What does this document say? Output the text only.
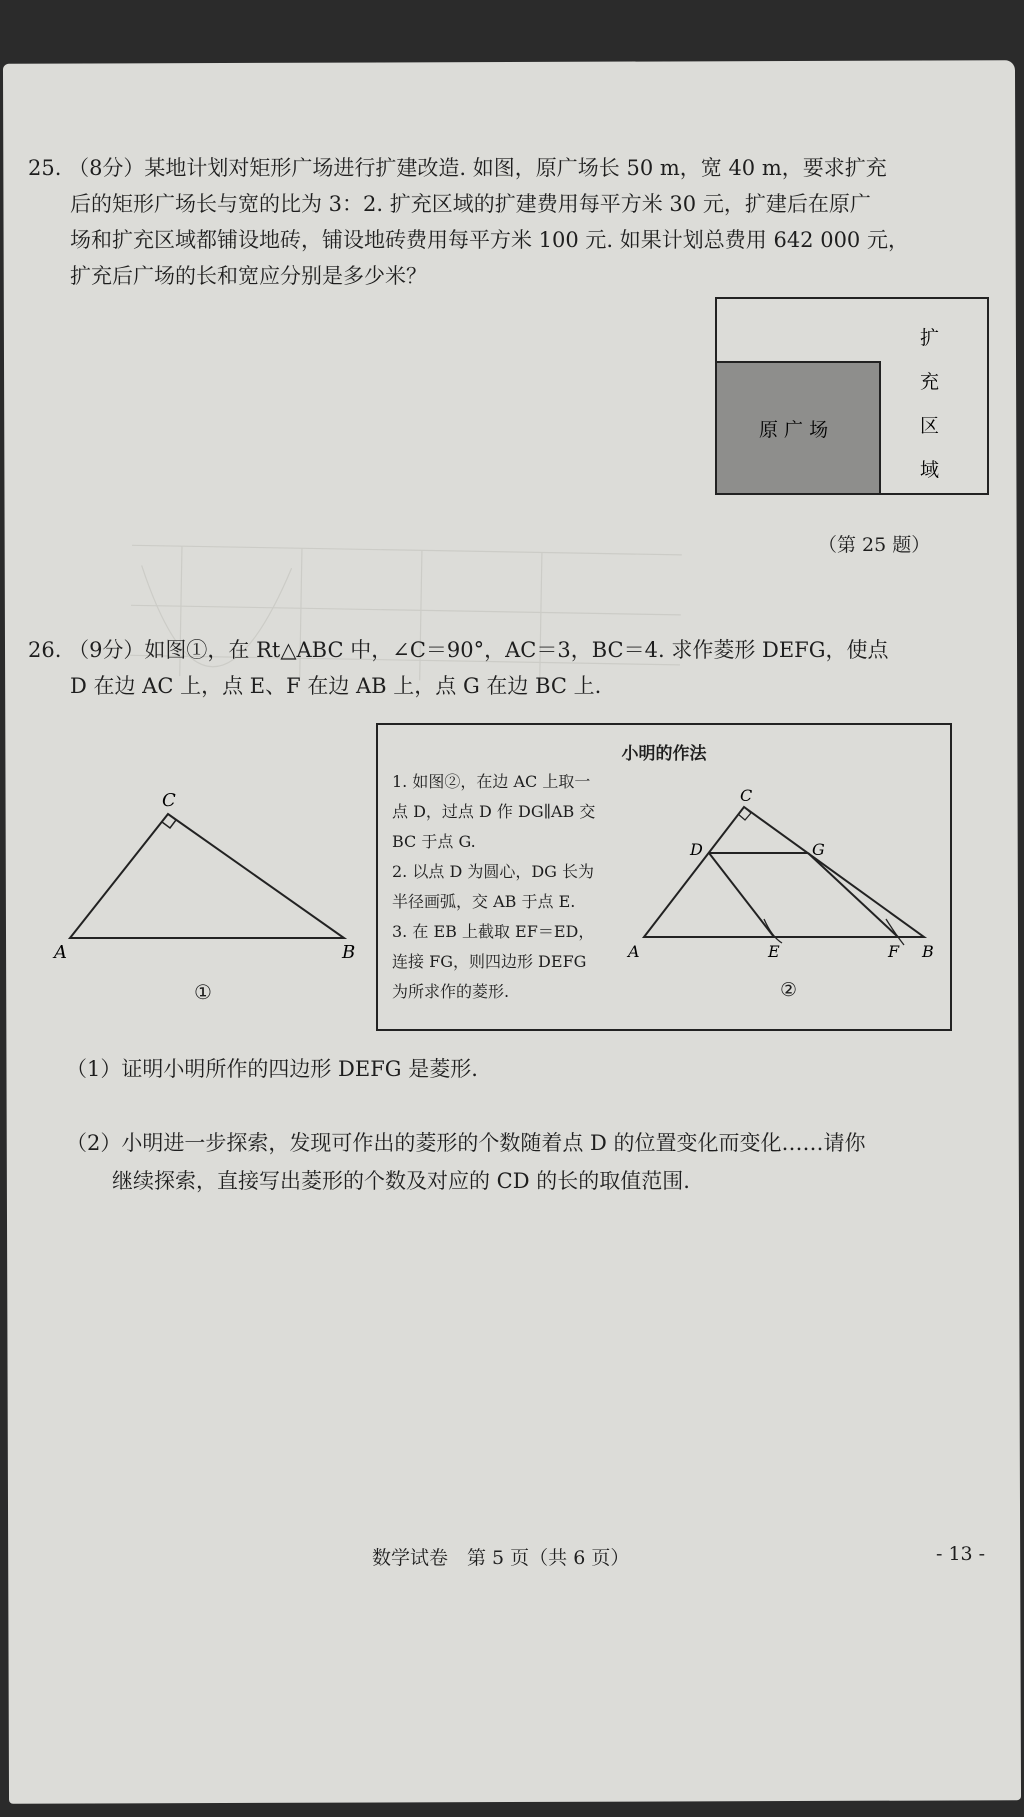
25. （8分）某地计划对矩形广场进行扩建改造. 如图，原广场长 50 m，宽 40 m，要求扩充
后的矩形广场长与宽的比为 3：2. 扩充区域的扩建费用每平方米 30 元，扩建后在原广
场和扩充区域都铺设地砖，铺设地砖费用每平方米 100 元. 如果计划总费用 642 000 元，
扩充后广场的长和宽应分别是多少米？
原 广 场
扩
充
区
域
（第 25 题）
26. （9分）如图①，在 Rt△ABC 中，∠C＝90°，AC＝3，BC＝4. 求作菱形 DEFG，使点
D 在边 AC 上，点 E、F 在边 AB 上，点 G 在边 BC 上.
C
A	B
①
小明的作法
1. 如图②，在边 AC 上取一
点 D，过点 D 作 DG∥AB 交
BC 于点 G.
2. 以点 D 为圆心，DG 长为
半径画弧，交 AB 于点 E.
3. 在 EB 上截取 EF＝ED，
连接 FG，则四边形 DEFG
为所求作的菱形.
C
D	G
A	E	F B
②
（1）证明小明所作的四边形 DEFG 是菱形.
（2）小明进一步探索，发现可作出的菱形的个数随着点 D 的位置变化而变化……请你
继续探索，直接写出菱形的个数及对应的 CD 的长的取值范围.
数学试卷　第 5 页（共 6 页）	- 13 -
